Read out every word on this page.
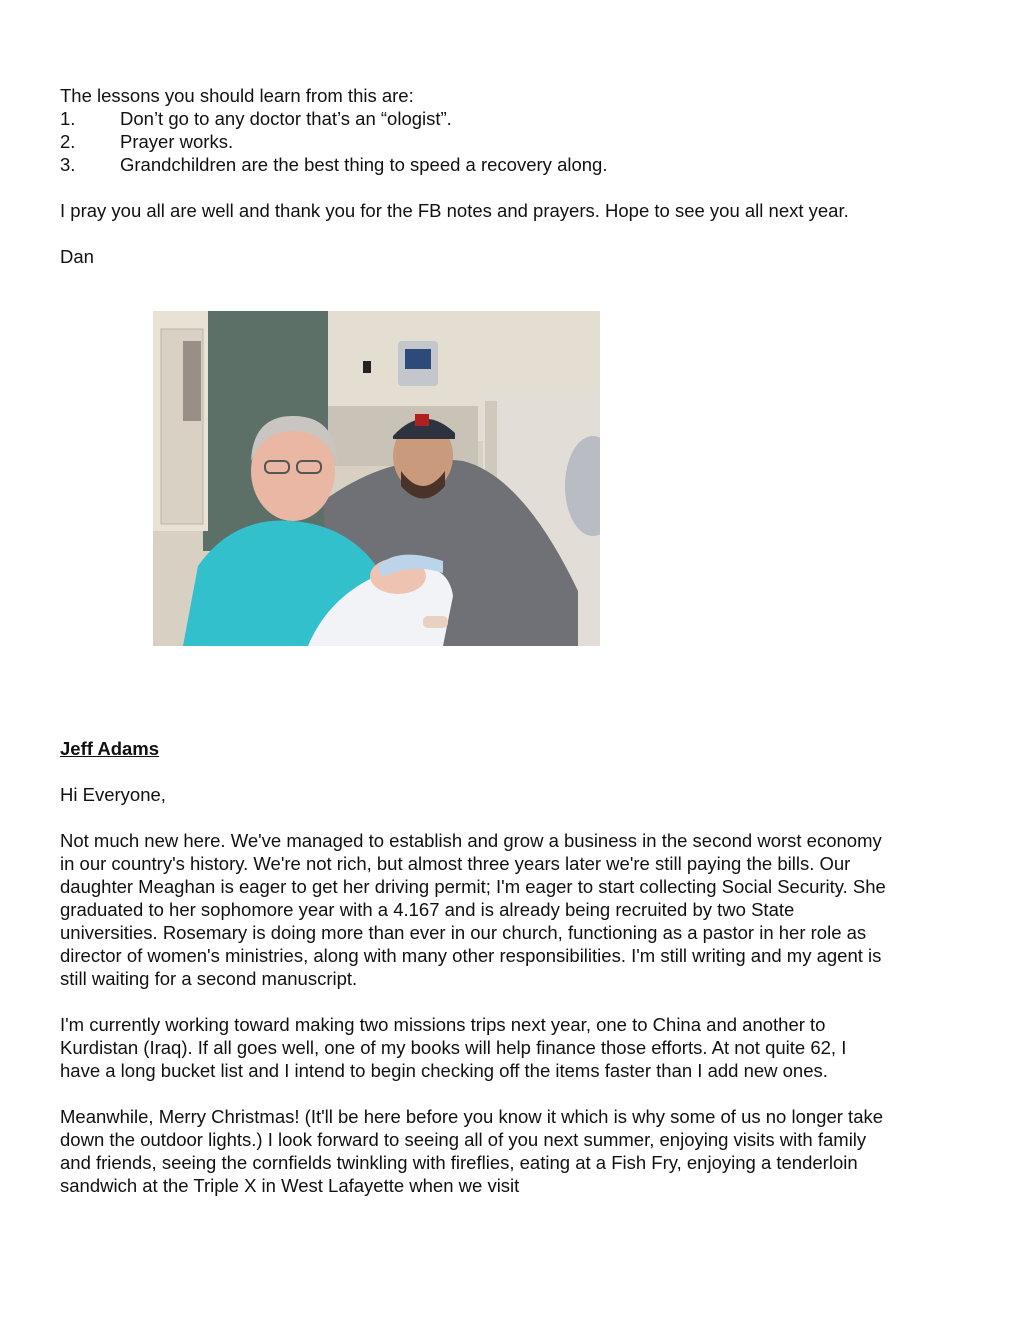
The lessons you should learn from this are:

1.	Don’t go to any doctor that’s an “ologist”.
2.	Prayer works.
3.	Grandchildren are the best thing to speed a recovery along.

I pray you all are well and thank you for the FB notes and prayers. Hope to see you all next year.

Dan

Jeff Adams

Hi Everyone,

Not much new here. We've managed to establish and grow a business in the second worst economy in our country's history. We're not rich, but almost three years later we're still paying the bills. Our daughter Meaghan is eager to get her driving permit; I'm eager to start collecting Social Security. She graduated to her sophomore year with a 4.167 and is already being recruited by two State universities. Rosemary is doing more than ever in our church, functioning as a pastor in her role as director of women's ministries, along with many other responsibilities. I'm still writing and my agent is still waiting for a second manuscript.

I'm currently working toward making two missions trips next year, one to China and another to Kurdistan (Iraq). If all goes well, one of my books will help finance those efforts. At not quite 62, I have a long bucket list and I intend to begin checking off the items faster than I add new ones.

Meanwhile, Merry Christmas! (It'll be here before you know it which is why some of us no longer take down the outdoor lights.) I look forward to seeing all of you next summer, enjoying visits with family and friends, seeing the cornfields twinkling with fireflies, eating at a Fish Fry, enjoying a tenderloin sandwich at the Triple X in West Lafayette when we visit
